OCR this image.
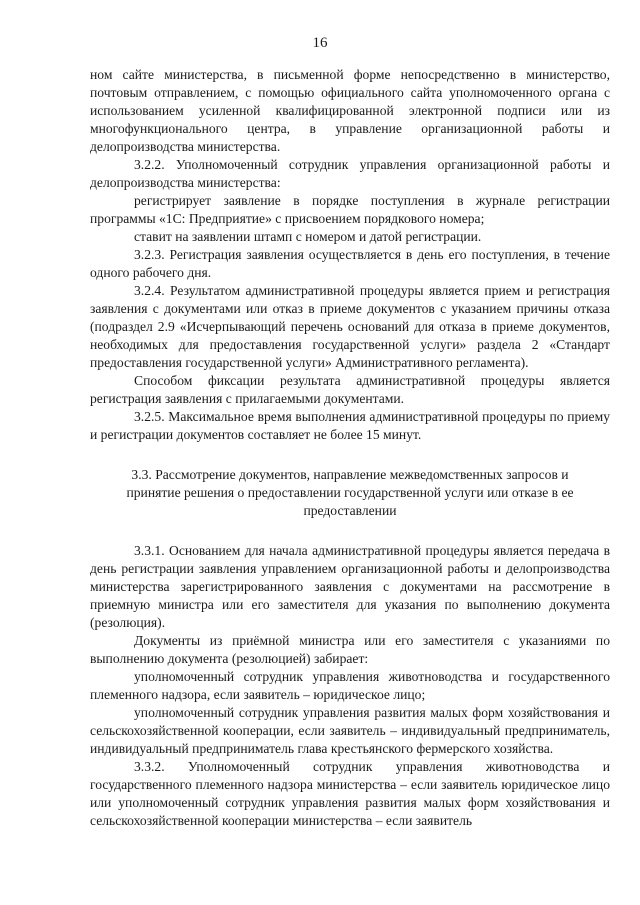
16

ном сайте министерства, в письменной форме непосредственно в министерство, почтовым отправлением, с помощью официального сайта уполномоченного органа с использованием усиленной квалифицированной электронной подписи или из многофункционального центра, в управление организационной работы и делопроизводства министерства.

3.2.2. Уполномоченный сотрудник управления организационной работы и делопроизводства министерства:

регистрирует заявление в порядке поступления в журнале регистрации программы «1С: Предприятие» с присвоением порядкового номера;

ставит на заявлении штамп с номером и датой регистрации.

3.2.3. Регистрация заявления осуществляется в день его поступления, в течение одного рабочего дня.

3.2.4. Результатом административной процедуры является прием и регистрация заявления с документами или отказ в приеме документов с указанием причины отказа (подраздел 2.9 «Исчерпывающий перечень оснований для отказа в приеме документов, необходимых для предоставления государственной услуги» раздела 2 «Стандарт предоставления государственной услуги» Административного регламента).

Способом фиксации результата административной процедуры является регистрация заявления с прилагаемыми документами.

3.2.5. Максимальное время выполнения административной процедуры по приему и регистрации документов составляет не более 15 минут.

3.3. Рассмотрение документов, направление межведомственных запросов и принятие решения о предоставлении государственной услуги или отказе в ее предоставлении

3.3.1. Основанием для начала административной процедуры является передача в день регистрации заявления управлением организационной работы и делопроизводства министерства зарегистрированного заявления с документами на рассмотрение в приемную министра или его заместителя для указания по выполнению документа (резолюция).

Документы из приёмной министра или его заместителя с указаниями по выполнению документа (резолюцией) забирает:

уполномоченный сотрудник управления животноводства и государственного племенного надзора, если заявитель – юридическое лицо;

уполномоченный сотрудник управления развития малых форм хозяйствования и сельскохозяйственной кооперации, если заявитель – индивидуальный предприниматель, индивидуальный предприниматель глава крестьянского фермерского хозяйства.

3.3.2. Уполномоченный сотрудник управления животноводства и государственного племенного надзора министерства – если заявитель юридическое лицо или уполномоченный сотрудник управления развития малых форм хозяйствования и сельскохозяйственной кооперации министерства – если заявитель
